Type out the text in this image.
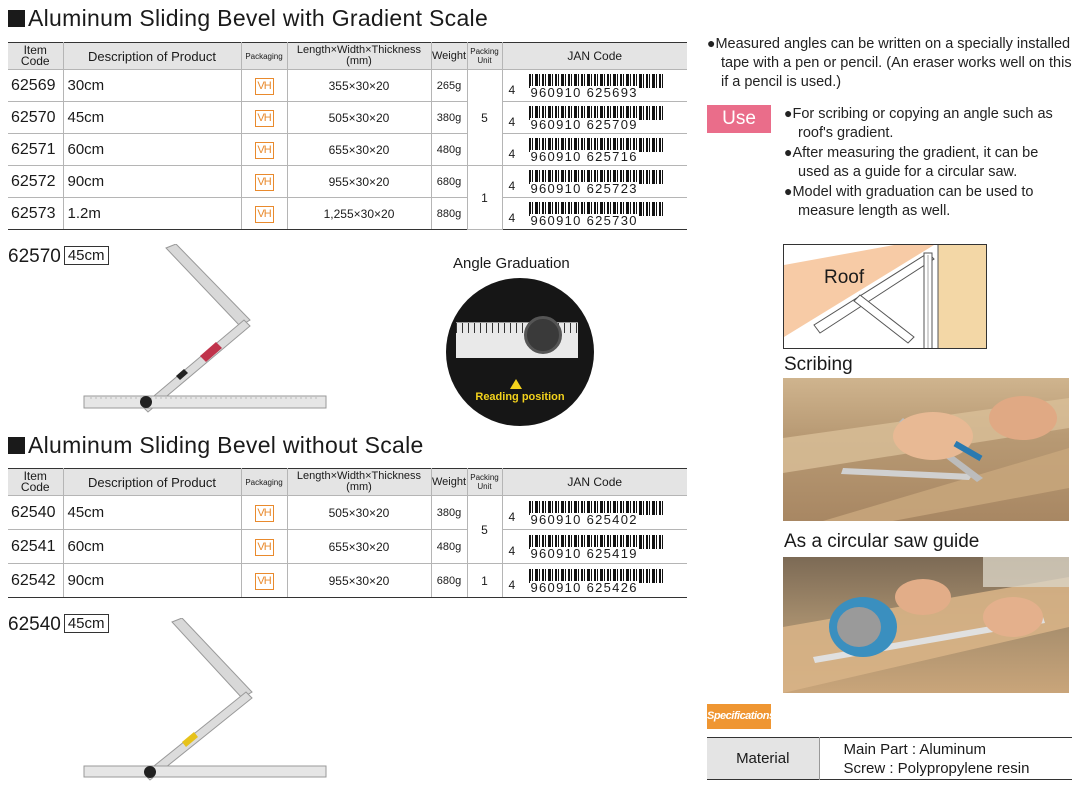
Aluminum Sliding Bevel with Gradient Scale
Item Code	Description of Product	Packaging	Length×Width×Thickness (mm)	Weight	Packing Unit	JAN Code
62569	30cm	VH	355×30×20	265g	5	4 960910 625693

62570	45cm	VH	505×30×20	380g		4 960910 625709

62571	60cm	VH	655×30×20	480g		4 960910 625716

62572	90cm	VH	955×30×20	680g	1	4 960910 625723

62573	1.2m	VH	1,255×30×20	880g		4 960910 625730
62570 45cm	Angle Graduation
Reading position
Aluminum Sliding Bevel without Scale
Item Code	Description of Product	Packaging	Length×Width×Thickness (mm)	Weight	Packing Unit	JAN Code
62540	45cm	VH	505×30×20	380g	5	4 960910 625402

62541	60cm	VH	655×30×20	480g		4 960910 625419

62542	90cm	VH	955×30×20	680g	1	4 960910 625426
62540 45cm
●Measured angles can be written on a specially installed tape with a pen or pencil. (An eraser works well on this if a pencil is used.)
Use	●For scribing or copying an angle such as roof's gradient.
●After measuring the gradient, it can be used as a guide for a circular saw.
●Model with graduation can be used to measure length as well.
Roof
Scribing
As a circular saw guide
Specifications
Material	
Main Part : Aluminum
Screw : Polypropylene resin
